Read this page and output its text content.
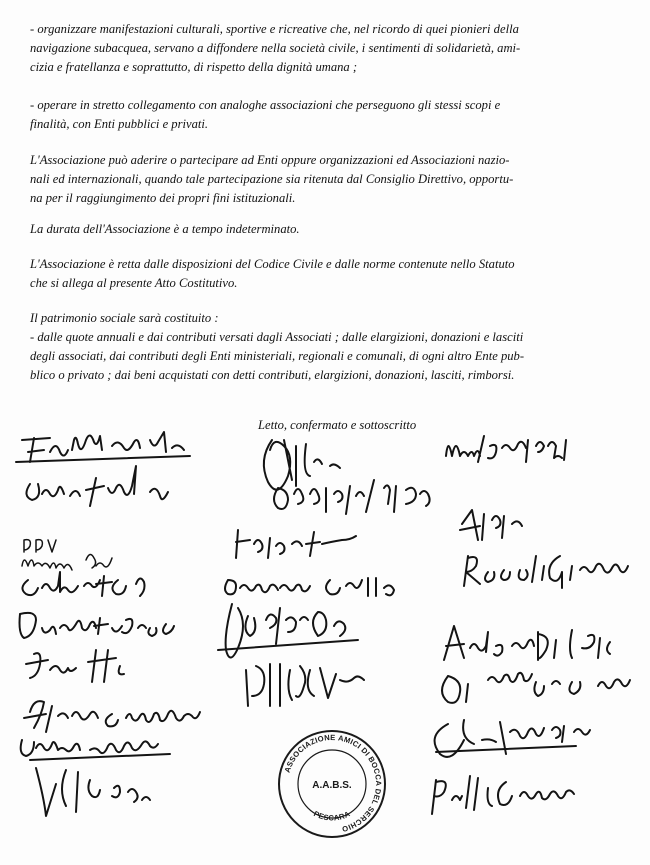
- organizzare manifestazioni culturali, sportive e ricreative che, nel ricordo di quei pionieri della
navigazione subacquea, servano a diffondere nella società civile, i sentimenti di solidarietà, ami-
cizia e fratellanza e soprattutto, di rispetto della dignità umana ;

- operare in stretto collegamento con analoghe associazioni che perseguono gli stessi scopi e
finalità, con Enti pubblici e privati.

L'Associazione può aderire o partecipare ad Enti oppure organizzazioni ed Associazioni nazio-
nali ed internazionali, quando tale partecipazione sia ritenuta dal Consiglio Direttivo, opportu-
na per il raggiungimento dei propri fini istituzionali.

La durata dell'Associazione è a tempo indeterminato.

L'Associazione è retta dalle disposizioni del Codice Civile e dalle norme contenute nello Statuto
che si allega al presente Atto Costitutivo.

Il patrimonio sociale sarà costituito :
- dalle quote annuali e dai contributi versati dagli Associati ; dalle elargizioni, donazioni e lasciti
degli associati, dai contributi degli Enti ministeriali, regionali e comunali, di ogni altro Ente pub-
blico o privato ; dai beni acquistati con detti contributi, elargizioni, donazioni, lasciti, rimborsi.

Letto, confermato e sottoscritto
ASSOCIAZIONE AMICI DI BOCCA DEL SERCHIO
PESCARA
A.A.B.S.
